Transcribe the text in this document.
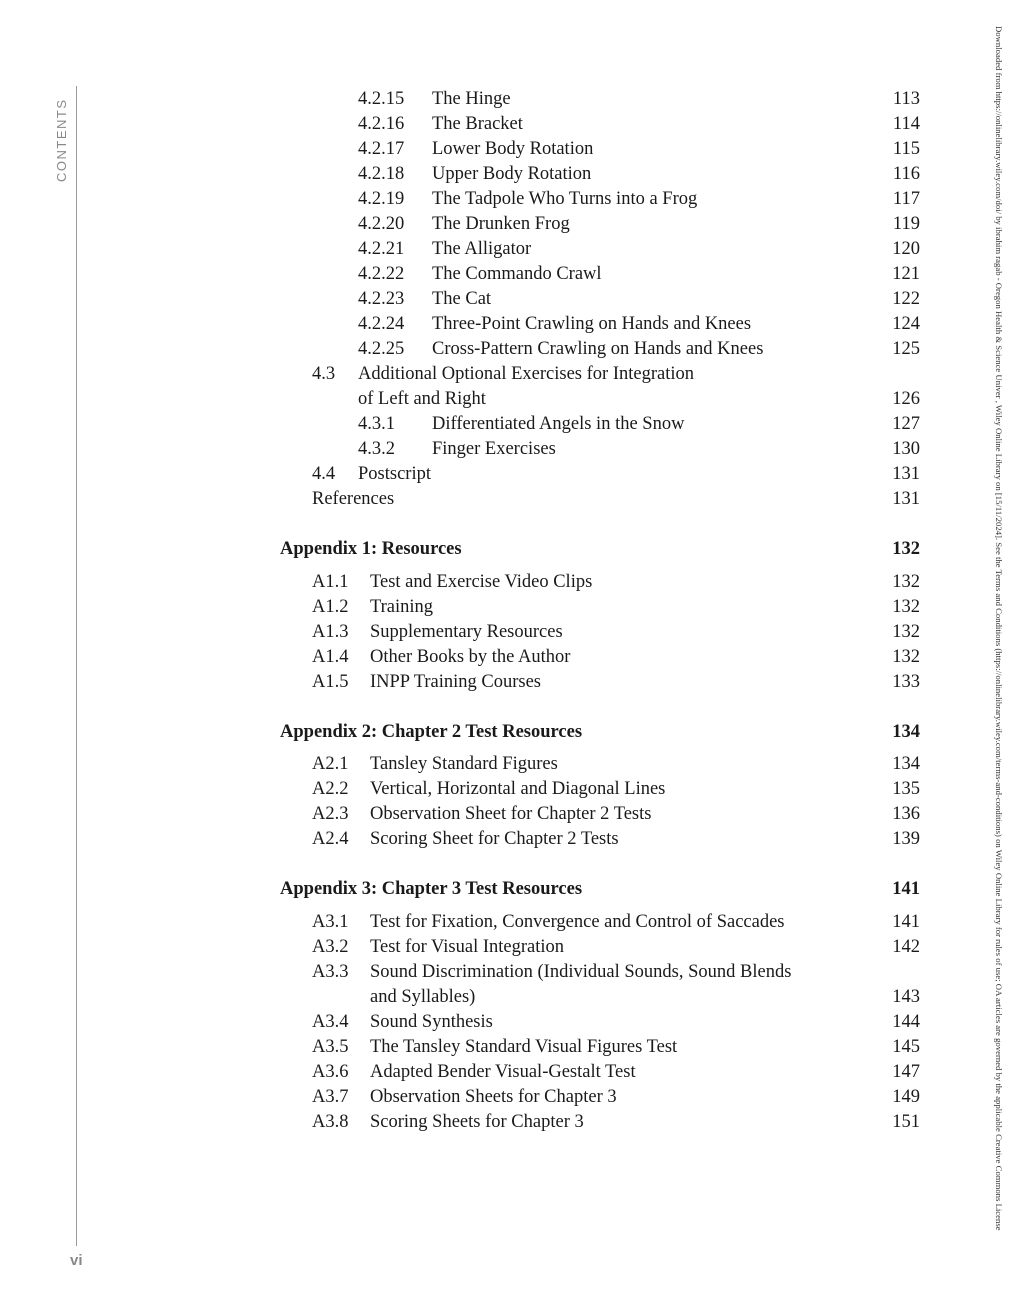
CONTENTS
vi
Downloaded from https://onlinelibrary.wiley.com/doi/ by ibrahim ragab - Oregon Health & Science Univer , Wiley Online Library on [15/11/2024]. See the Terms and Conditions (https://onlinelibrary.wiley.com/terms-and-conditions) on Wiley Online Library for rules of use; OA articles are governed by the applicable Creative Commons License
4.2.15 The Hinge	113
4.2.16 The Bracket	114
4.2.17 Lower Body Rotation	115
4.2.18 Upper Body Rotation	116
4.2.19 The Tadpole Who Turns into a Frog	117
4.2.20 The Drunken Frog	119
4.2.21 The Alligator	120
4.2.22 The Commando Crawl	121
4.2.23 The Cat	122
4.2.24 Three-Point Crawling on Hands and Knees	124
4.2.25 Cross-Pattern Crawling on Hands and Knees	125
4.3 Additional Optional Exercises for Integration
of Left and Right	126
4.3.1 Differentiated Angels in the Snow	127
4.3.2 Finger Exercises	130
4.4 Postscript	131
References	131
Appendix 1: Resources	132
A1.1 Test and Exercise Video Clips	132
A1.2 Training	132
A1.3 Supplementary Resources	132
A1.4 Other Books by the Author	132
A1.5 INPP Training Courses	133
Appendix 2: Chapter 2 Test Resources	134
A2.1 Tansley Standard Figures	134
A2.2 Vertical, Horizontal and Diagonal Lines	135
A2.3 Observation Sheet for Chapter 2 Tests	136
A2.4 Scoring Sheet for Chapter 2 Tests	139
Appendix 3: Chapter 3 Test Resources	141
A3.1 Test for Fixation, Convergence and Control of Saccades	141
A3.2 Test for Visual Integration	142
A3.3 Sound Discrimination (Individual Sounds, Sound Blends
and Syllables)	143
A3.4 Sound Synthesis	144
A3.5 The Tansley Standard Visual Figures Test	145
A3.6 Adapted Bender Visual-Gestalt Test	147
A3.7 Observation Sheets for Chapter 3	149
A3.8 Scoring Sheets for Chapter 3	151
